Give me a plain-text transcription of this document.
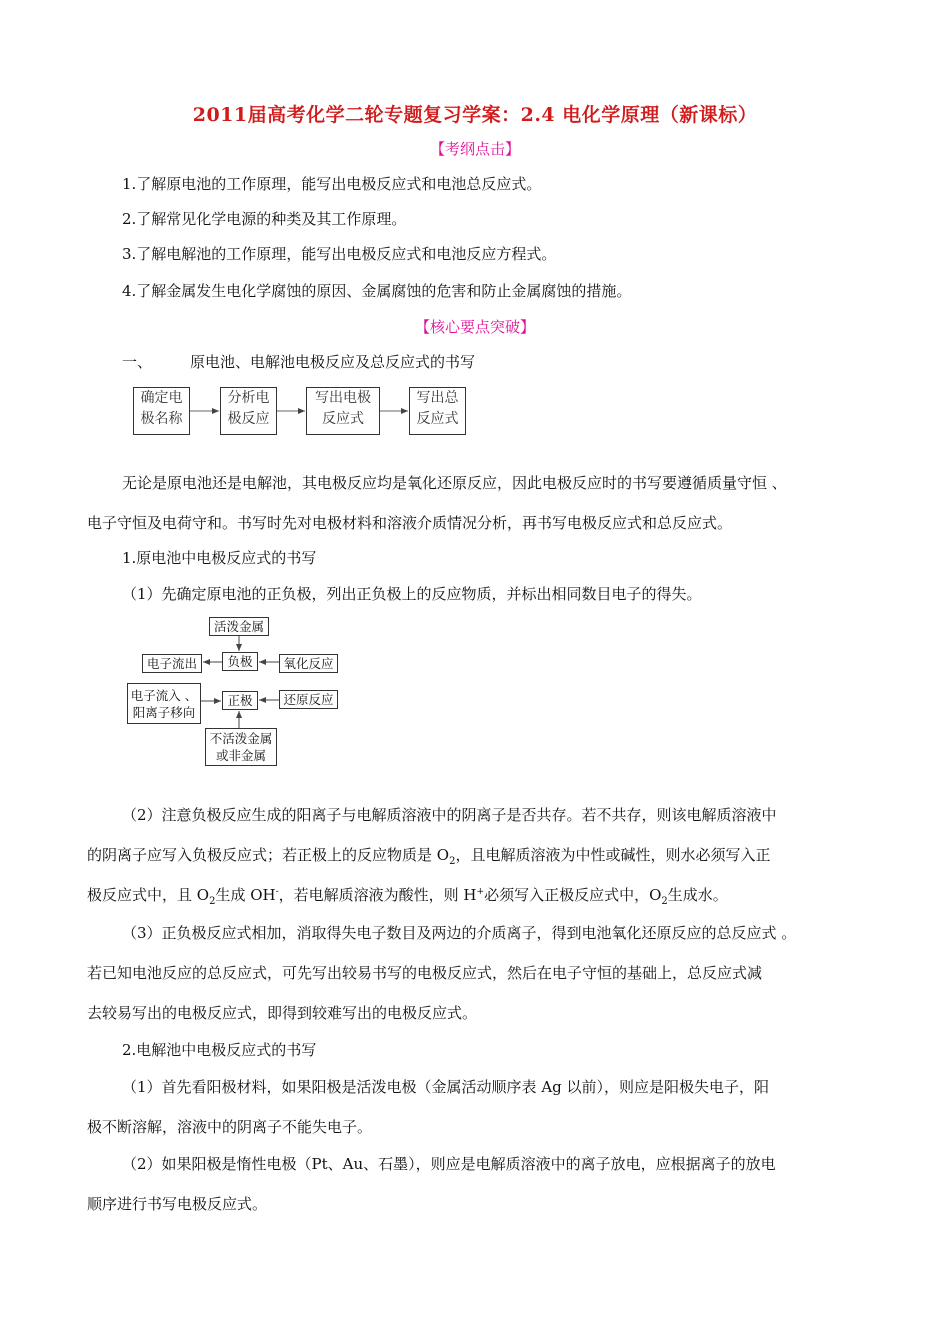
2011届高考化学二轮专题复习学案：2.4 电化学原理（新课标）
【考纲点击】
1.了解原电池的工作原理，能写出电极反应式和电池总反应式。
2.了解常见化学电源的种类及其工作原理。
3.了解电解池的工作原理，能写出电极反应式和电池反应方程式。
4.了解金属发生电化学腐蚀的原因、金属腐蚀的危害和防止金属腐蚀的措施。
【核心要点突破】
一、	原电池、电解池电极反应及总反应式的书写
确定电
极名称
分析电
极反应
写出电极
反应式
写出总
反应式
无论是原电池还是电解池，其电极反应均是氧化还原反应，因此电极反应时的书写要遵循质量守恒 、
电子守恒及电荷守和。书写时先对电极材料和溶液介质情况分析，再书写电极反应式和总反应式。
1.原电池中电极反应式的书写
（1）先确定原电池的正负极，列出正负极上的反应物质，并标出相同数目电子的得失。
活泼金属
电子流出	负极	氧化反应
电子流入 、
阳离子移向
正极	还原反应
不活泼金属
或非金属
（2）注意负极反应生成的阳离子与电解质溶液中的阴离子是否共存。若不共存，则该电解质溶液中
的阴离子应写入负极反应式；若正极上的反应物质是 $O_2$，且电解质溶液为中性或碱性，则水必须写入正
极反应式中，且 $O_2$生成 OH-，若电解质溶液为酸性，则 H+必须写入正极反应式中，$O_2$生成水。
（3）正负极反应式相加，消取得失电子数目及两边的介质离子，得到电池氧化还原反应的总反应式 。
若已知电池反应的总反应式，可先写出较易书写的电极反应式，然后在电子守恒的基础上，总反应式减
去较易写出的电极反应式，即得到较难写出的电极反应式。
2.电解池中电极反应式的书写
（1）首先看阳极材料，如果阳极是活泼电极（金属活动顺序表 Ag 以前），则应是阳极失电子，阳
极不断溶解，溶液中的阴离子不能失电子。
（2）如果阳极是惰性电极（Pt、Au、石墨），则应是电解质溶液中的离子放电，应根据离子的放电
顺序进行书写电极反应式。
